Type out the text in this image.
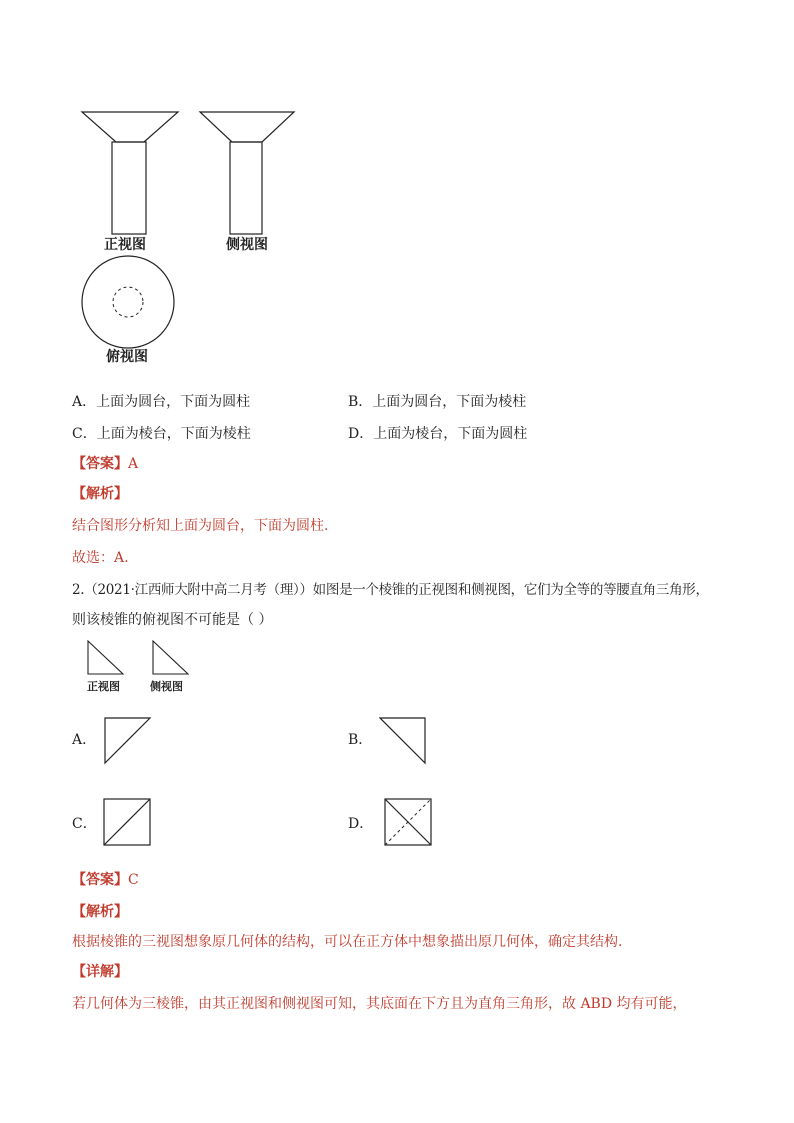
正视图	侧视图
俯视图
A．上面为圆台，下面为圆柱	B．上面为圆台，下面为棱柱
C．上面为棱台，下面为棱柱	D．上面为棱台，下面为圆柱
【答案】A
【解析】
结合图形分析知上面为圆台，下面为圆柱.
故选：A.
2.（2021·江西师大附中高二月考（理））如图是一个棱锥的正视图和侧视图，它们为全等的等腰直角三角形，
则该棱锥的俯视图不可能是（ ）
正视图	侧视图
A．	B．
C．	D．
【答案】C
【解析】
根据棱锥的三视图想象原几何体的结构，可以在正方体中想象描出原几何体，确定其结构.
【详解】
若几何体为三棱锥，由其正视图和侧视图可知，其底面在下方且为直角三角形，故 ABD 均有可能，
